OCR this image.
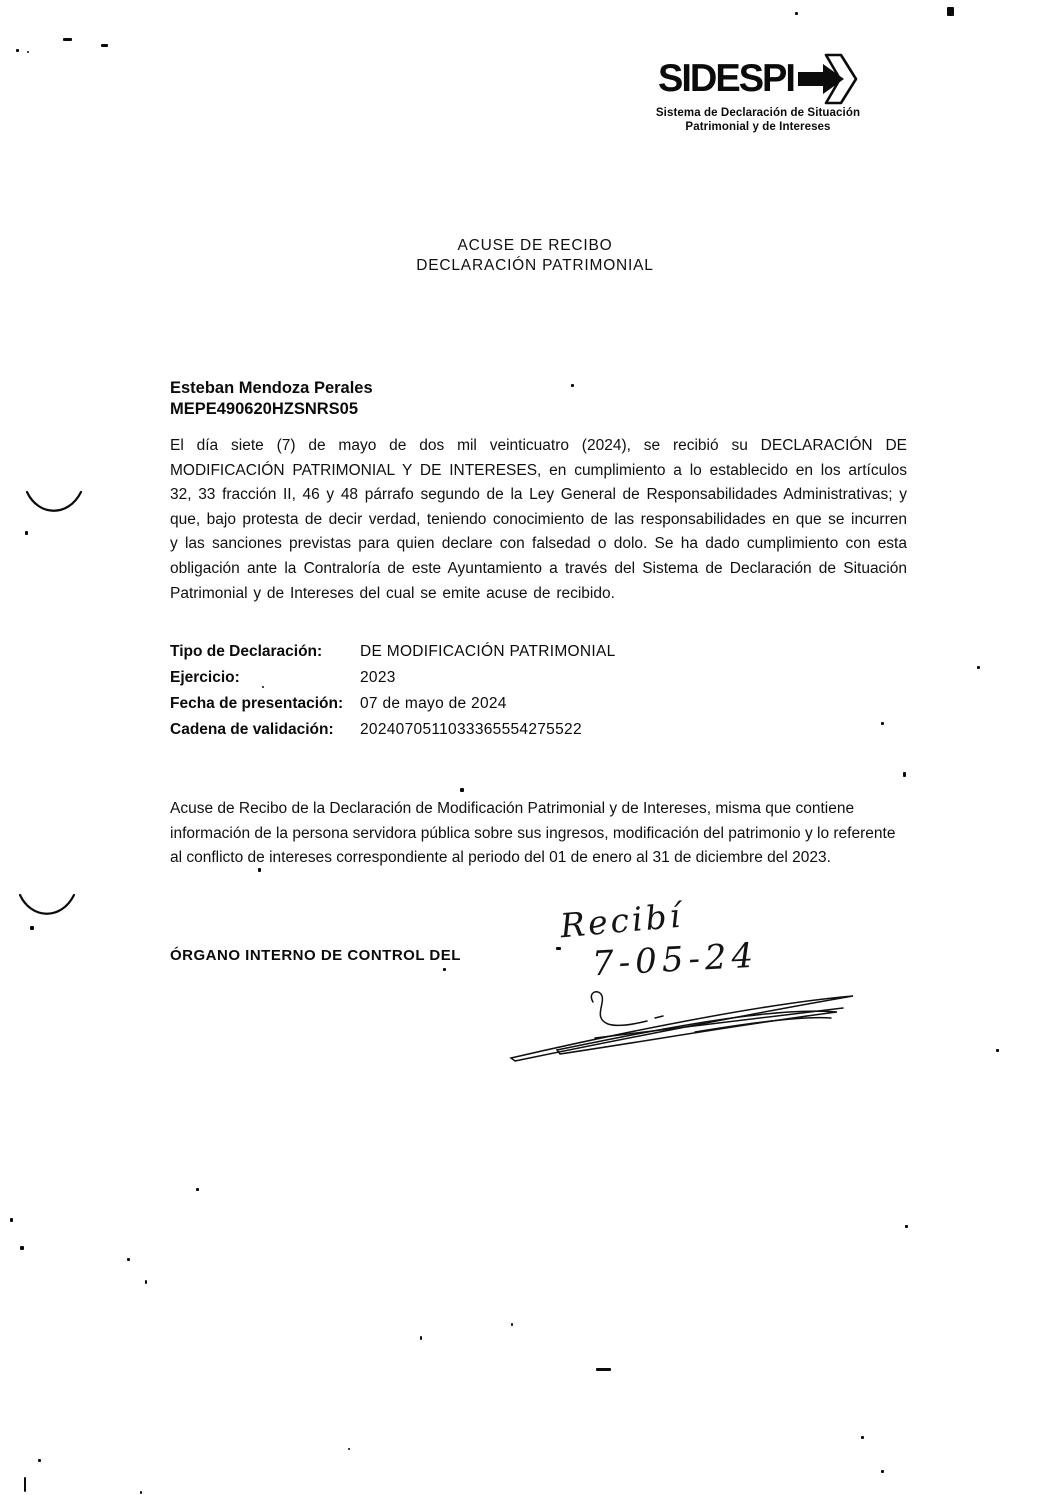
SIDESPI
Sistema de Declaración de Situación
Patrimonial y de Intereses
ACUSE DE RECIBO
DECLARACIÓN PATRIMONIAL
Esteban Mendoza Perales
MEPE490620HZSNRS05
El día siete (7) de mayo de dos mil veinticuatro (2024), se recibió su DECLARACIÓN DE MODIFICACIÓN PATRIMONIAL Y DE INTERESES, en cumplimiento a lo establecido en los artículos 32, 33 fracción II, 46 y 48 párrafo segundo de la Ley General de Responsabilidades Administrativas; y que, bajo protesta de decir verdad, teniendo conocimiento de las responsabilidades en que se incurren y las sanciones previstas para quien declare con falsedad o dolo. Se ha dado cumplimiento con esta obligación ante la Contraloría de este Ayuntamiento a través del Sistema de Declaración de Situación Patrimonial y de Intereses del cual se emite acuse de recibido.
Tipo de Declaración:	DE MODIFICACIÓN PATRIMONIAL
Ejercicio:	2023
Fecha de presentación:	07 de mayo de 2024
Cadena de validación:	2024070511033365554275522
Acuse de Recibo de la Declaración de Modificación Patrimonial y de Intereses, misma que contiene información de la persona servidora pública sobre sus ingresos, modificación del patrimonio y lo referente al conflicto de intereses correspondiente al periodo del 01 de enero al 31 de diciembre del 2023.
ÓRGANO INTERNO DE CONTROL DEL
Recibí
7-05-24
